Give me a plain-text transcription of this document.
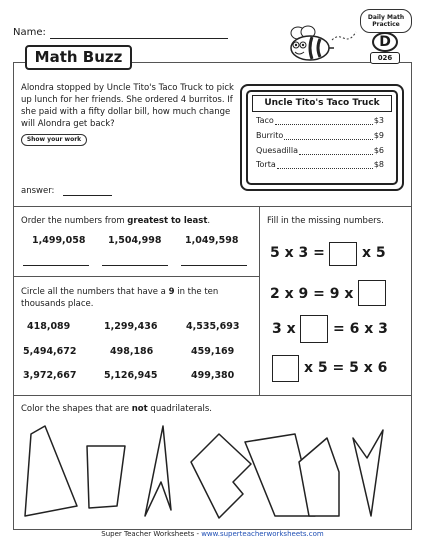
Name:
Math Buzz
Daily Math Practice
D
026
Alondra stopped by Uncle Tito's Taco Truck to pick up lunch for her friends. She ordered 4 burritos. If she paid with a fifty dollar bill, how much change will Alondra get back?
Show your work
answer:
Uncle Tito's Taco Truck
Taco	$3
Burrito	$9
Quesadilla	$6
Torta	$8
Order the numbers from greatest to least.
1,499,058 1,504,998 1,049,598
Circle all the numbers that have a 9 in the ten thousands place.
418,089	1,299,436	4,535,693
5,494,672	498,186	459,169
3,972,667	5,126,945	499,380
Fill in the missing numbers.
5 x 3 =	x 5
2 x 9 = 9 x
3 x	= 6 x 3
x 5 = 5 x 6
Color the shapes that are not quadrilaterals.
Super Teacher Worksheets - www.superteacherworksheets.com
